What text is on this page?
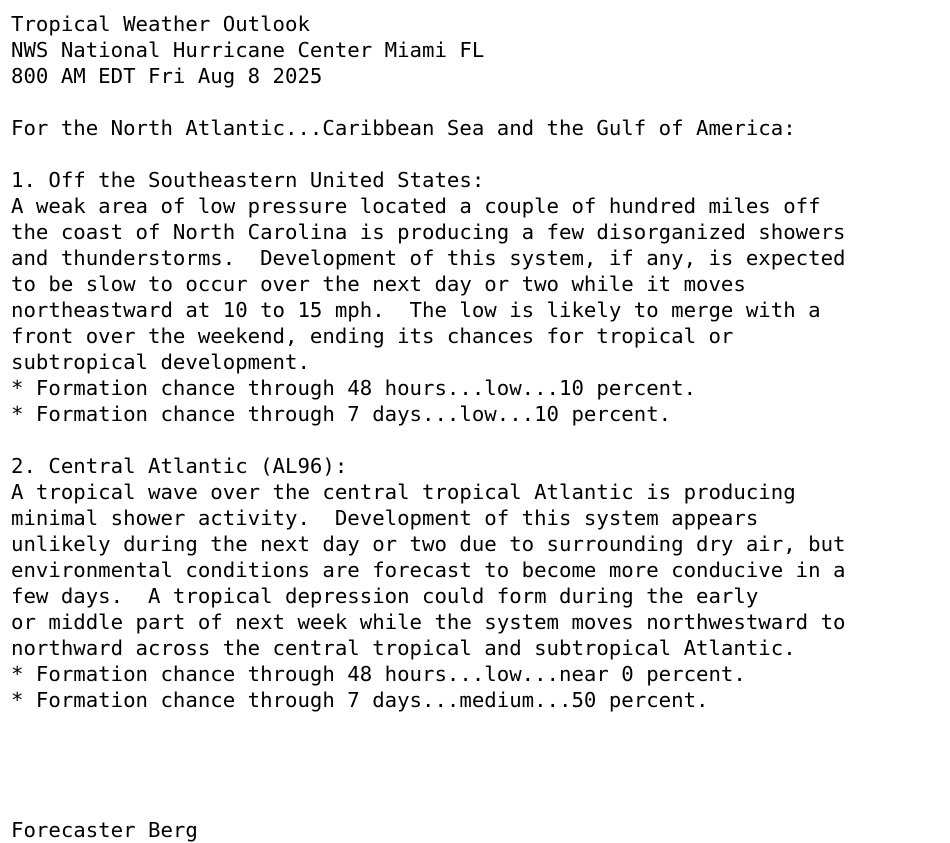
Tropical Weather Outlook
NWS National Hurricane Center Miami FL
800 AM EDT Fri Aug 8 2025
For the North Atlantic...Caribbean Sea and the Gulf of America:
1. Off the Southeastern United States:
A weak area of low pressure located a couple of hundred miles off
the coast of North Carolina is producing a few disorganized showers
and thunderstorms.  Development of this system, if any, is expected
to be slow to occur over the next day or two while it moves
northeastward at 10 to 15 mph.  The low is likely to merge with a
front over the weekend, ending its chances for tropical or
subtropical development.
* Formation chance through 48 hours...low...10 percent.
* Formation chance through 7 days...low...10 percent.
2. Central Atlantic (AL96):
A tropical wave over the central tropical Atlantic is producing
minimal shower activity.  Development of this system appears
unlikely during the next day or two due to surrounding dry air, but
environmental conditions are forecast to become more conducive in a
few days.  A tropical depression could form during the early
or middle part of next week while the system moves northwestward to
northward across the central tropical and subtropical Atlantic.
* Formation chance through 48 hours...low...near 0 percent.
* Formation chance through 7 days...medium...50 percent.
Forecaster Berg
